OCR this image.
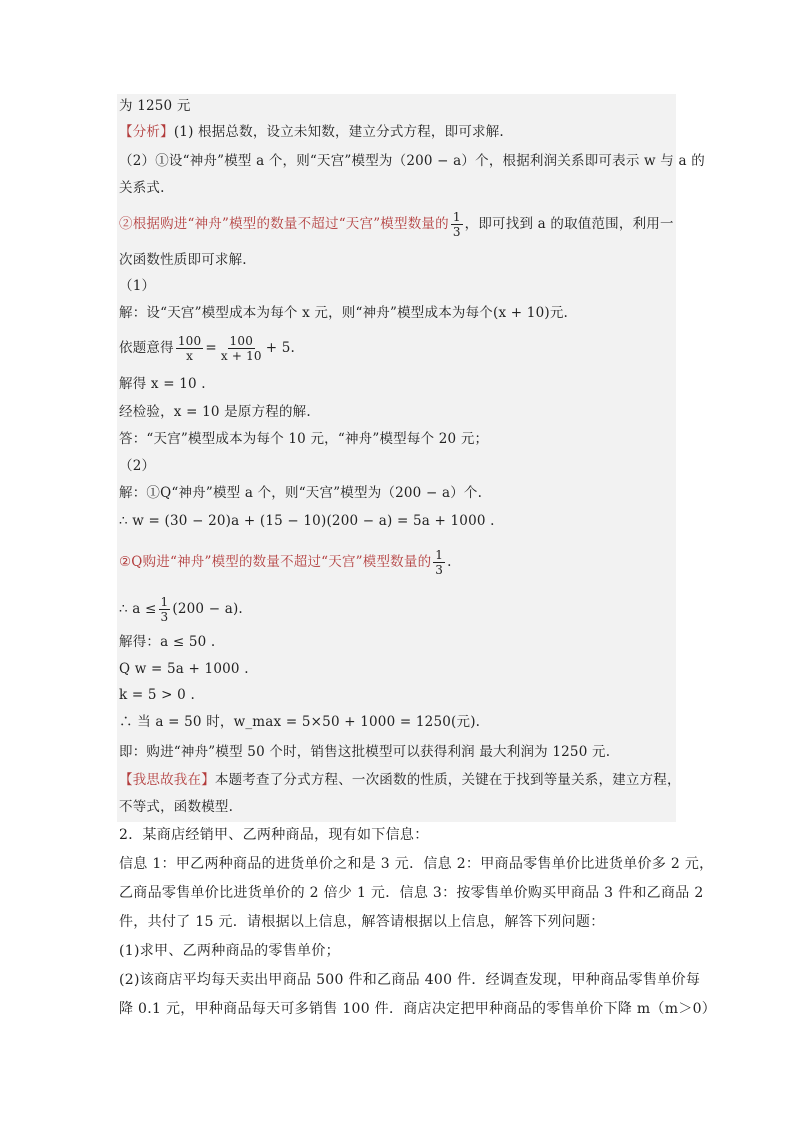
为 1250 元
【分析】(1) 根据总数，设立未知数，建立分式方程，即可求解.
（2）①设“神舟”模型 a 个，则“天宫”模型为（200 − a）个，根据利润关系即可表示 w 与 a 的
关系式.
②根据购进“神舟”模型的数量不超过“天宫”模型数量的 $\frac{1}{3}$ ，即可找到 a 的取值范围，利用一
次函数性质即可求解.
（1）
解：设“天宫”模型成本为每个 x 元，则“神舟”模型成本为每个(x + 10)元.
依题意得 $\frac{100}{x} = \frac{100}{x + 10} + 5$.
解得 x = 10 .
经检验，x = 10 是原方程的解.
答：“天宫”模型成本为每个 10 元，“神舟”模型每个 20 元；
（2）
解：①Q“神舟”模型 a 个，则“天宫”模型为（200 − a）个.
∴ w = (30 − 20)a + (15 − 10)(200 − a) = 5a + 1000 .
②Q购进“神舟”模型的数量不超过“天宫”模型数量的 $\frac{1}{3}$ .
∴ $a \le \frac{1}{3} (200 - a)$.
解得：a ≤ 50 .
Q w = 5a + 1000 .
k = 5 > 0 .
∴ 当 a = 50 时，w_max = 5×50 + 1000 = 1250(元).
即：购进“神舟”模型 50 个时，销售这批模型可以获得利润 最大利润为 1250 元.
【我思故我在】本题考查了分式方程、一次函数的性质，关键在于找到等量关系，建立方程，
不等式，函数模型.
2．某商店经销甲、乙两种商品，现有如下信息：
信息 1：甲乙两种商品的进货单价之和是 3 元．信息 2：甲商品零售单价比进货单价多 2 元，
乙商品零售单价比进货单价的 2 倍少 1 元．信息 3：按零售单价购买甲商品 3 件和乙商品 2
件，共付了 15 元．请根据以上信息，解答请根据以上信息，解答下列问题：
(1)求甲、乙两种商品的零售单价；
(2)该商店平均每天卖出甲商品 500 件和乙商品 400 件．经调查发现，甲种商品零售单价每
降 0.1 元，甲种商品每天可多销售 100 件．商店决定把甲种商品的零售单价下降 m（m＞0）
